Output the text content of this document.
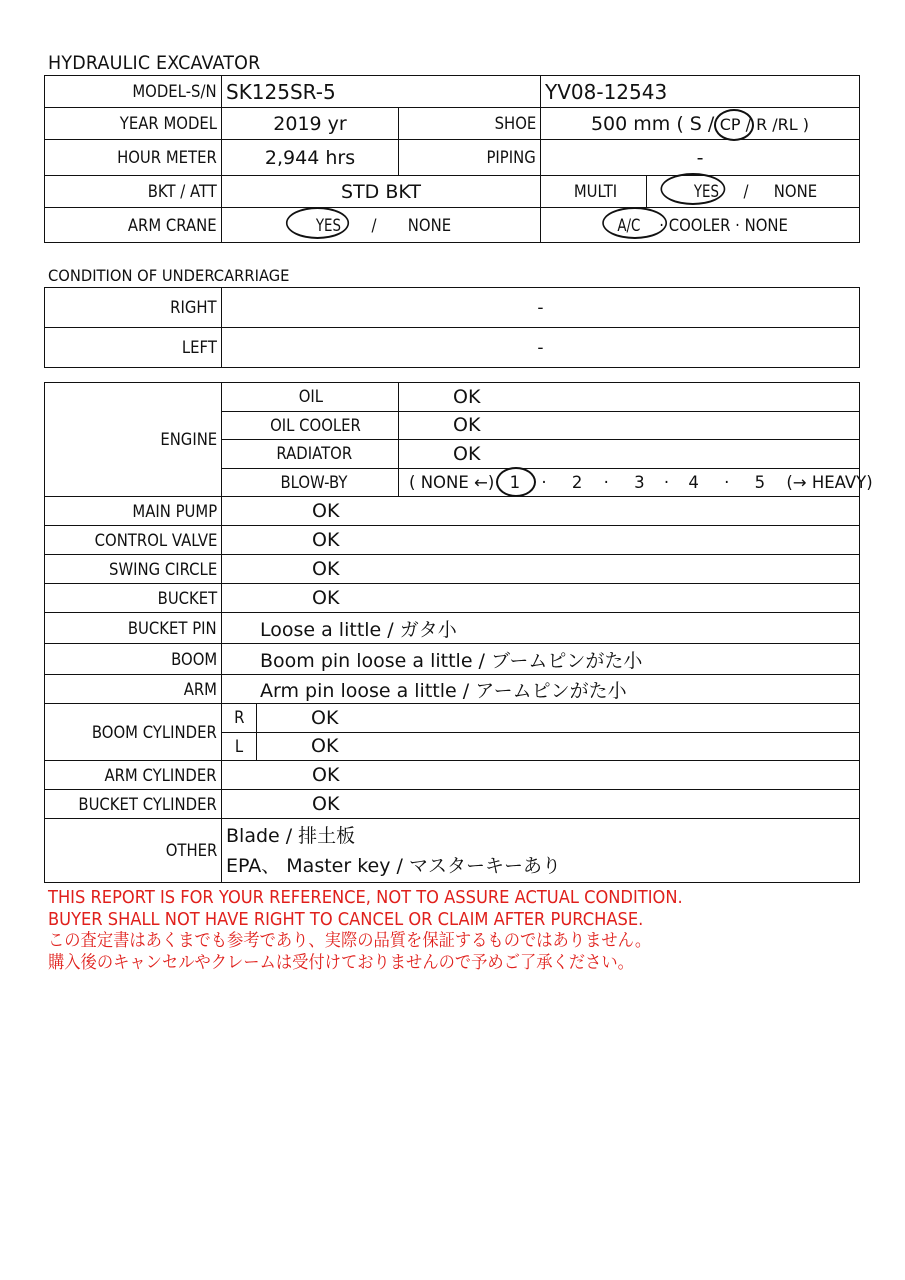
HYDRAULIC EXCAVATOR
MODEL-S/N	SK125SR-5		YV08-12543	
YEAR MODEL	2019 yr	SHOE	500 mm ( S / CP / R /RL )	
HOUR METER	2,944 hrs	PIPING	-	
BKT / ATT	STD BKT		MULTI	YES / NONE
ARM CRANE	YES / NONE		A/C · COOLER · NONE	
CONDITION OF UNDERCARRIAGE
RIGHT	-
LEFT	-
ENGINE	OIL		OK
	OIL COOLER		OK
	RADIATOR		OK
	BLOW-BY		( NONE ←) 1 · 2 · 3 · 4 · 5 (→ HEAVY)
MAIN PUMP	OK		
CONTROL VALVE	OK		
SWING CIRCLE	OK		
BUCKET	OK		
BUCKET PIN	Loose a little / ガタ小		
BOOM	Boom pin loose a little / ブームピンがた小		
ARM	Arm pin loose a little / アームピンがた小		
BOOM CYLINDER	R	OK	
	L	OK	
ARM CYLINDER	OK		
BUCKET CYLINDER	OK		
OTHER	Blade / 排土板
EPA、 Master key / マスターキーあり		
THIS REPORT IS FOR YOUR REFERENCE, NOT TO ASSURE ACTUAL CONDITION.
BUYER SHALL NOT HAVE RIGHT TO CANCEL OR CLAIM AFTER PURCHASE.
この査定書はあくまでも参考であり、実際の品質を保証するものではありません。
購入後のキャンセルやクレームは受付けておりませんので予めご了承ください。
